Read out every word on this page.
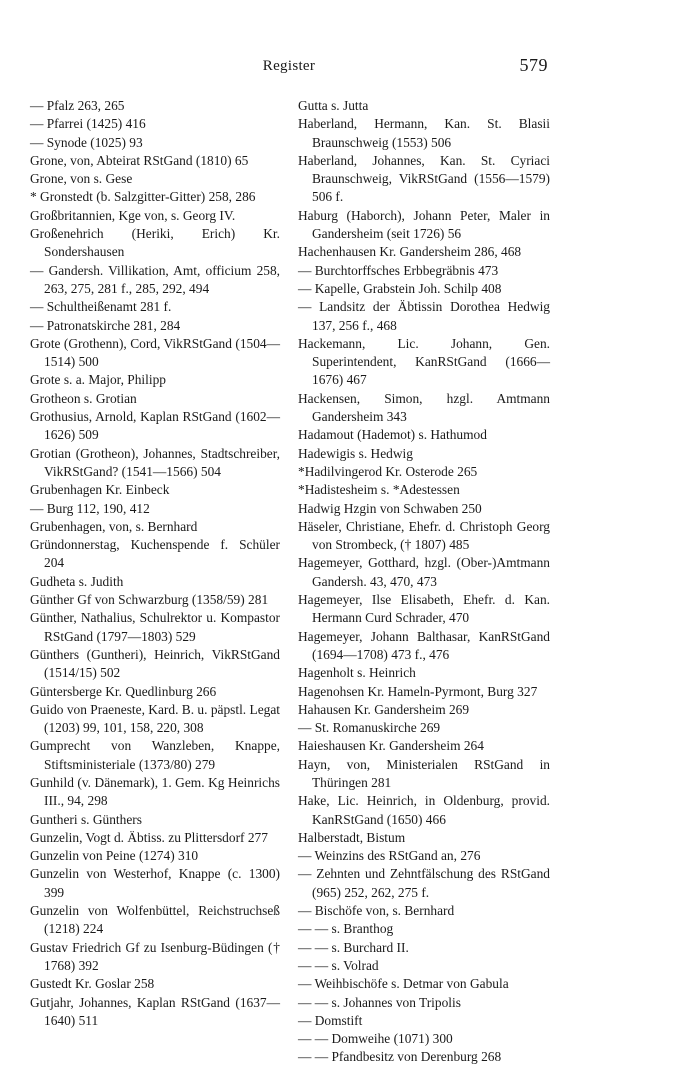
Register	579

— Pfalz 263, 265

— Pfarrei (1425) 416

— Synode (1025) 93

Grone, von, Abteirat RStGand (1810) 65

Grone, von s. Gese

* Gronstedt (b. Salzgitter-Gitter) 258, 286

Großbritannien, Kge von, s. Georg IV.

Großenehrich (Heriki, Erich) Kr. Sondershausen

— Gandersh. Villikation, Amt, officium 258, 263, 275, 281 f., 285, 292, 494

— Schultheißenamt 281 f.

— Patronatskirche 281, 284

Grote (Grothenn), Cord, VikRStGand (1504—1514) 500

Grote s. a. Major, Philipp

Grotheon s. Grotian

Grothusius, Arnold, Kaplan RStGand (1602—1626) 509

Grotian (Grotheon), Johannes, Stadtschreiber, VikRStGand? (1541—1566) 504

Grubenhagen Kr. Einbeck

— Burg 112, 190, 412

Grubenhagen, von, s. Bernhard

Gründonnerstag, Kuchenspende f. Schüler 204

Gudheta s. Judith

Günther Gf von Schwarzburg (1358/59) 281

Günther, Nathalius, Schulrektor u. Kompastor RStGand (1797—1803) 529

Günthers (Guntheri), Heinrich, VikRStGand (1514/15) 502

Güntersberge Kr. Quedlinburg 266

Guido von Praeneste, Kard. B. u. päpstl. Legat (1203) 99, 101, 158, 220, 308

Gumprecht von Wanzleben, Knappe, Stiftsministeriale (1373/80) 279

Gunhild (v. Dänemark), 1. Gem. Kg Heinrichs III., 94, 298

Guntheri s. Günthers

Gunzelin, Vogt d. Äbtiss. zu Plittersdorf 277

Gunzelin von Peine (1274) 310

Gunzelin von Westerhof, Knappe (c. 1300) 399

Gunzelin von Wolfenbüttel, Reichstruchseß (1218) 224

Gustav Friedrich Gf zu Isenburg-Büdingen († 1768) 392

Gustedt Kr. Goslar 258

Gutjahr, Johannes, Kaplan RStGand (1637—1640) 511

Gutta s. Jutta

Haberland, Hermann, Kan. St. Blasii Braunschweig (1553) 506

Haberland, Johannes, Kan. St. Cyriaci Braunschweig, VikRStGand (1556—1579) 506 f.

Haburg (Haborch), Johann Peter, Maler in Gandersheim (seit 1726) 56

Hachenhausen Kr. Gandersheim 286, 468

— Burchtorffsches Erbbegräbnis 473

— Kapelle, Grabstein Joh. Schilp 408

— Landsitz der Äbtissin Dorothea Hedwig 137, 256 f., 468

Hackemann, Lic. Johann, Gen. Superintendent, KanRStGand (1666—1676) 467

Hackensen, Simon, hzgl. Amtmann Gandersheim 343

Hadamout (Hademot) s. Hathumod

Hadewigis s. Hedwig

*Hadilvingerod Kr. Osterode 265

*Hadistesheim s. *Adestessen

Hadwig Hzgin von Schwaben 250

Häseler, Christiane, Ehefr. d. Christoph Georg von Strombeck, († 1807) 485

Hagemeyer, Gotthard, hzgl. (Ober-)Amtmann Gandersh. 43, 470, 473

Hagemeyer, Ilse Elisabeth, Ehefr. d. Kan. Hermann Curd Schrader, 470

Hagemeyer, Johann Balthasar, KanRStGand (1694—1708) 473 f., 476

Hagenholt s. Heinrich

Hagenohsen Kr. Hameln-Pyrmont, Burg 327

Hahausen Kr. Gandersheim 269

— St. Romanuskirche 269

Haieshausen Kr. Gandersheim 264

Hayn, von, Ministerialen RStGand in Thüringen 281

Hake, Lic. Heinrich, in Oldenburg, provid. KanRStGand (1650) 466

Halberstadt, Bistum

— Weinzins des RStGand an, 276

— Zehnten und Zehntfälschung des RStGand (965) 252, 262, 275 f.

— Bischöfe von, s. Bernhard

— — s. Branthog

— — s. Burchard II.

— — s. Volrad

— Weihbischöfe s. Detmar von Gabula

— — s. Johannes von Tripolis

— Domstift

— — Domweihe (1071) 300

— — Pfandbesitz von Derenburg 268
